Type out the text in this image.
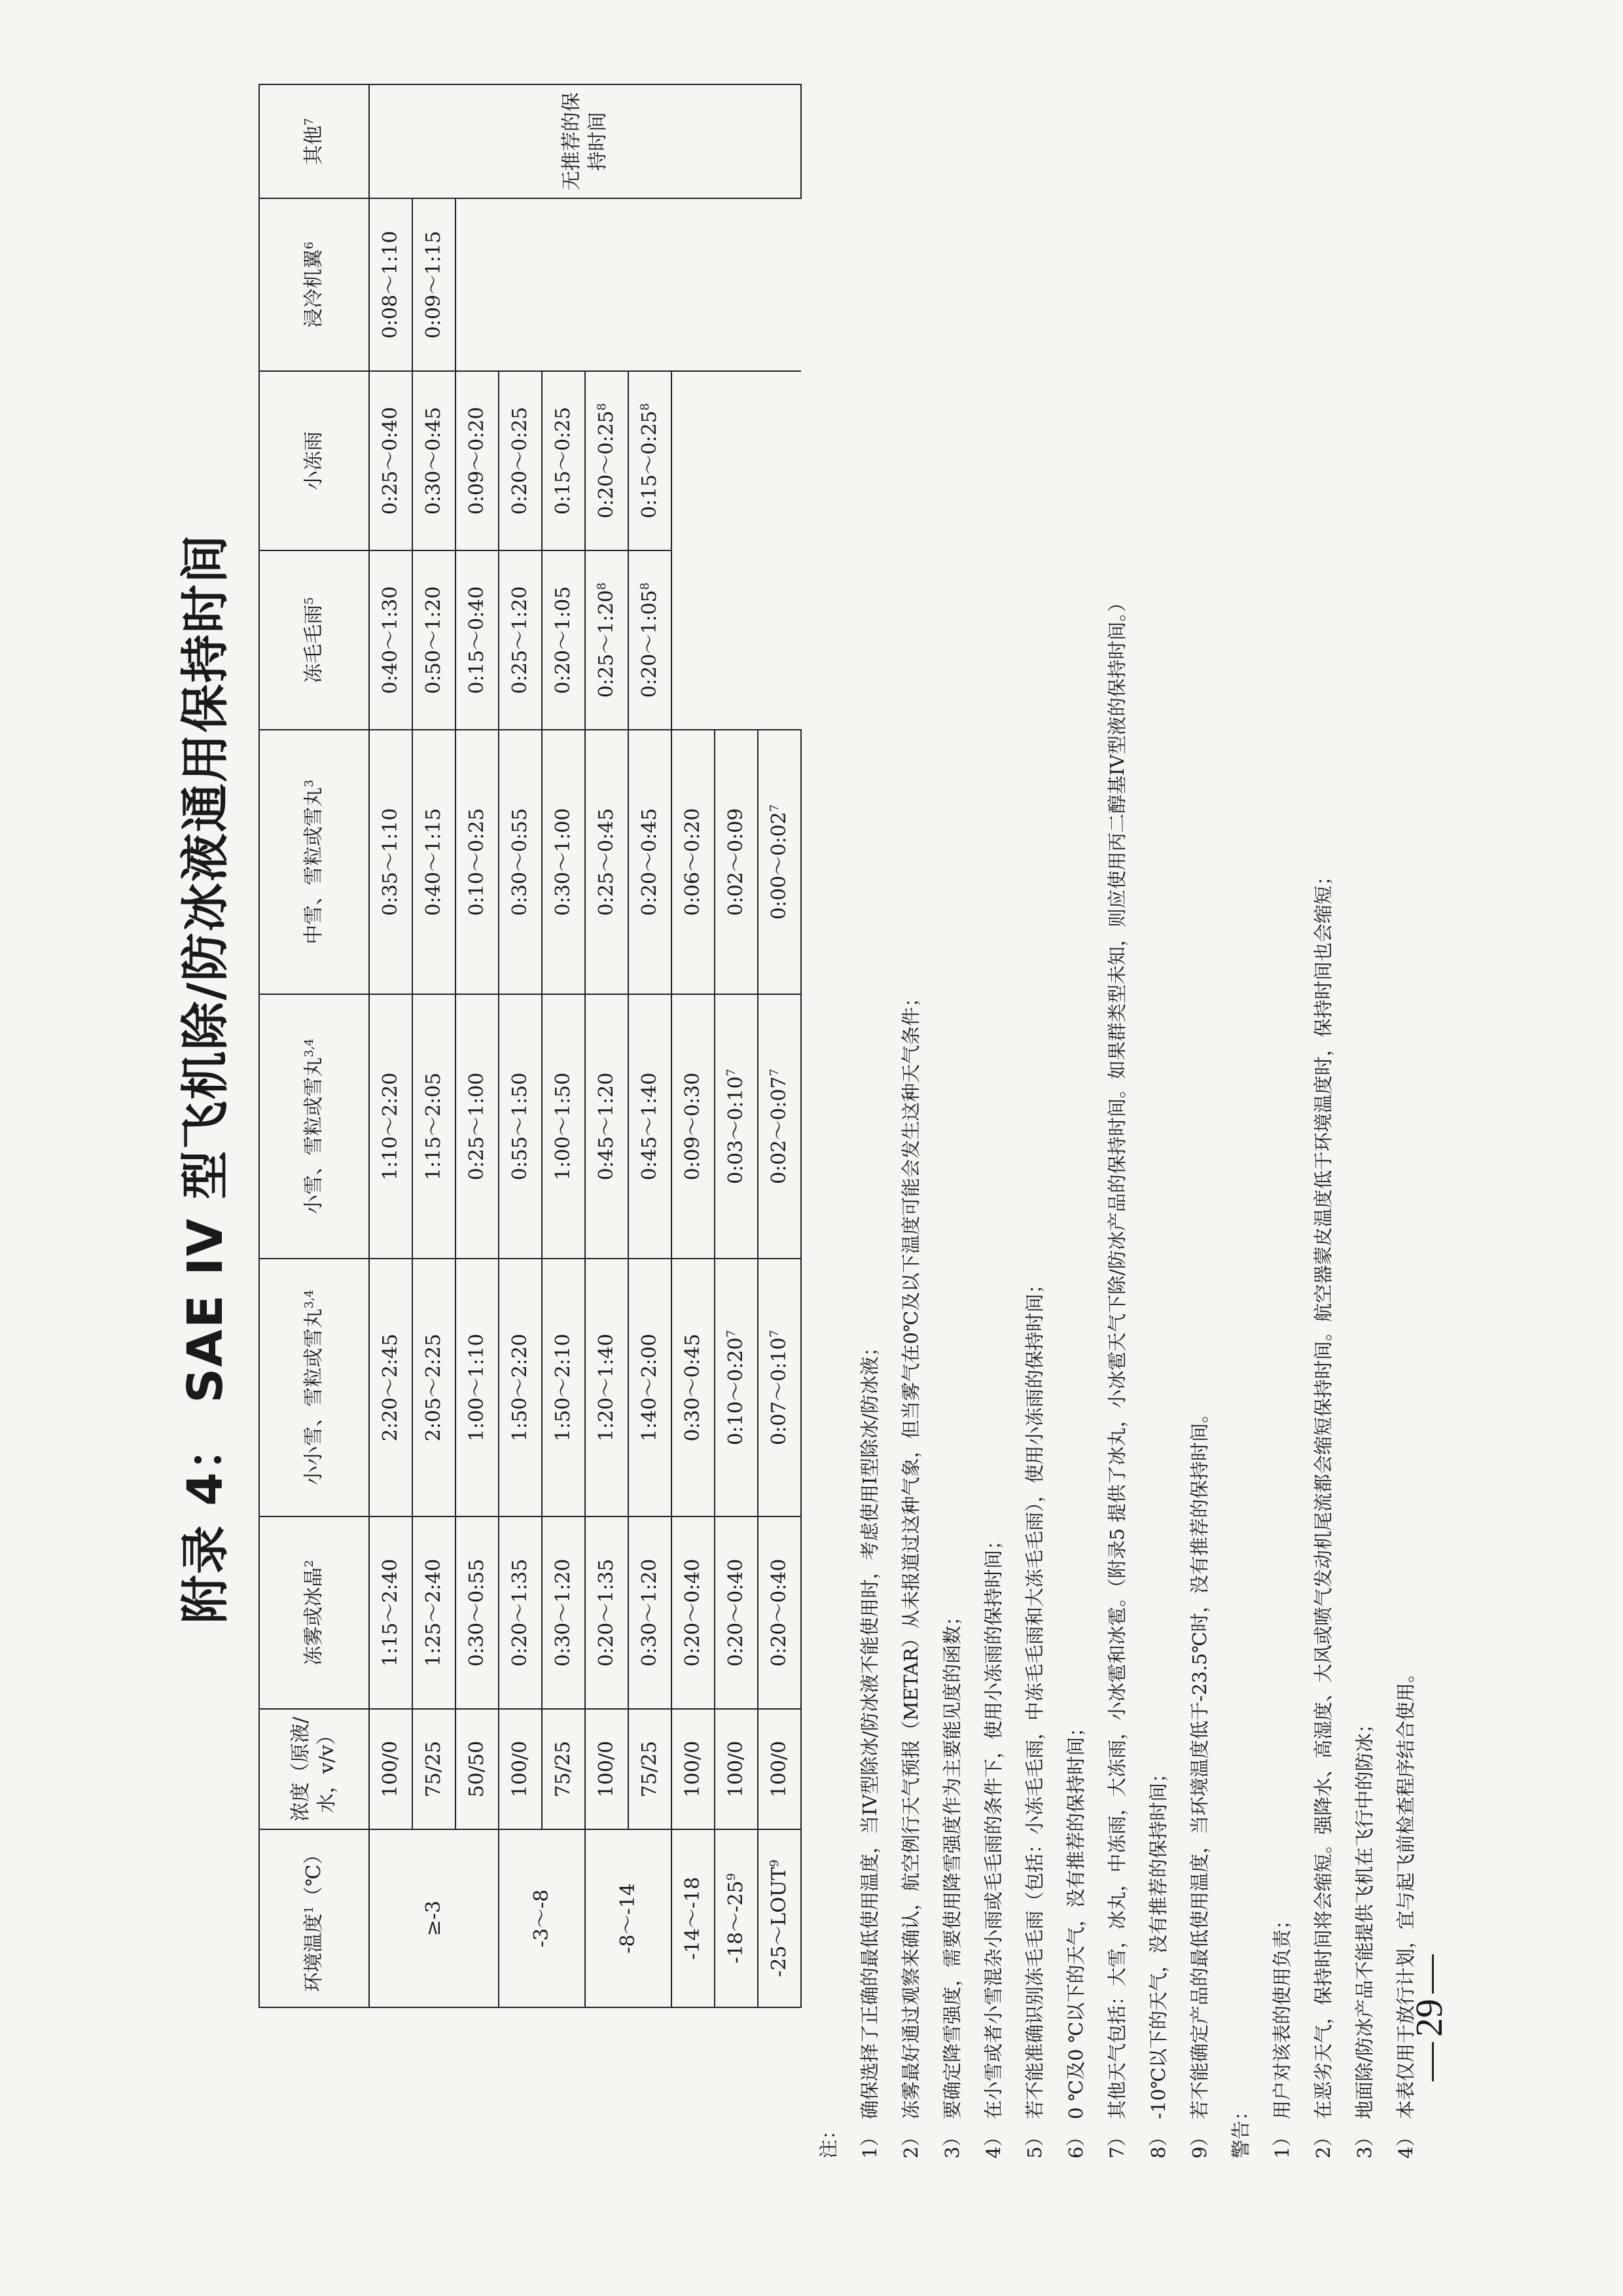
附录 4： SAE IV 型飞机除/防冰液通用保持时间
环境温度$^1$（℃）	浓度（原液/水，v/v）	冻雾或冰晶$^2$	小小雪、雪粒或雪丸$^{3,4}$	小雪、雪粒或雪丸$^{3,4}$	中雪、雪粒或雪丸$^3$	冻毛毛雨$^5$	小冻雨	浸冷机翼$^6$	其他$^7$
≥-3	100/0	1:15～2:40	2:20～2:45	1:10～2:20	0:35～1:10	0:40～1:30	0:25～0:40	0:08～1:10	无推荐的保持时间
	75/25	1:25～2:40	2:05～2:25	1:15～2:05	0:40～1:15	0:50～1:20	0:30～0:45	0:09～1:15	
	50/50	0:30～0:55	1:00～1:10	0:25～1:00	0:10～0:25	0:15～0:40	0:09～0:20		
-3～-8	100/0	0:20～1:35	1:50～2:20	0:55～1:50	0:30～0:55	0:25～1:20	0:20～0:25		
	75/25	0:30～1:20	1:50～2:10	1:00～1:50	0:30～1:00	0:20～1:05	0:15～0:25		
-8～-14	100/0	0:20～1:35	1:20～1:40	0:45～1:20	0:25～0:45	$0:25\sim 1:20^8$	$0:20\sim 0:25^8$
	75/25	0:30～1:20	1:40～2:00	0:45～1:40	0:20～0:45	$0:20\sim 1:05^8$	$0:15\sim 0:25^8$
-14～-18	100/0	0:20～0:40	0:30～0:45	0:09～0:30	0:06～0:20				
$-18\sim-25^9$	100/0	0:20～0:40	$0:10\sim 0:20^7$	$0:03\sim 0:10^7$	0:02～0:09				
-25～LOUT$^9$	100/0	0:20～0:40	$0:07\sim 0:10^7$	$0:02\sim 0:07^7$	$0:00\sim 0:02^7$
注：	1）
确保选择了正确的最低使用温度，当IV型除冰/防冰液不能使用时，考虑使用I型除冰/防冰液；
2）
冻雾最好通过观察来确认，航空例行天气预报（METAR）从未报道过这种气象，但当雾气在0℃及以下温度可能会发生这种天气条件；
3）
要确定降雪强度，需要使用降雪强度作为主要能见度的函数；
4）
在小雪或者小雪混杂小雨或毛毛雨的条件下，使用小冻雨的保持时间；
5）
若不能准确识别冻毛毛雨（包括：小冻毛毛雨，中冻毛毛雨和大冻毛毛雨），使用小冻雨的保持时间；
6）
0 ℃及0 ℃以下的天气，没有推荐的保持时间；
7）
其他天气包括：大雪，冰丸，中冻雨，大冻雨，小冰雹和冰雹。（附录5 提供了冰丸，小冰雹天气下除/防冰产品的保持时间。如果群类型未知，则应使用丙二醇基IV型液的保持时间。）
8）
-10℃以下的天气，没有推荐的保持时间；
9）
若不能确定产品的最低使用温度，当环境温度低于-23.5℃时，没有推荐的保持时间。
警告：	1）
用户对该表的使用负责；
2）
在恶劣天气，保持时间将会缩短。强降水、高湿度、大风或喷气发动机尾流都会缩短保持时间。航空器蒙皮温度低于环境温度时，保持时间也会缩短；
3）
地面除/防冰产品不能提供飞机在飞行中的防冰；
4）
本表仅用于放行计划，宜与起飞前检查程序结合使用。
29
